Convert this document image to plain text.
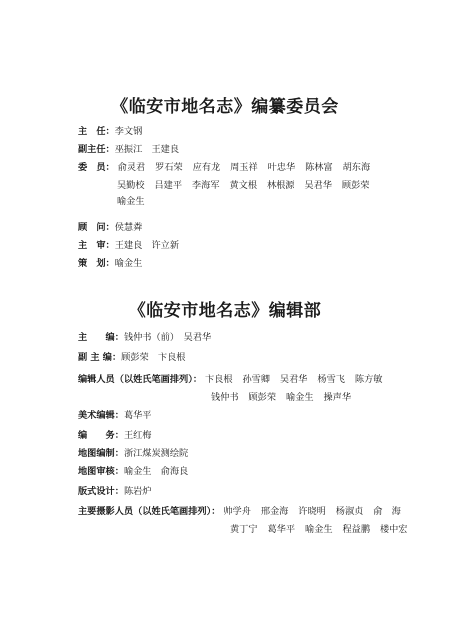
《临安市地名志》编纂委员会
主　任：李文钢
副主任：巫振江　王建良
委　员： 俞灵君 罗石荣 应有龙 周玉祥 叶忠华 陈林富 胡东海
吴勤校 吕建平 李海军 黄文根 林根源 吴君华 顾彭荣
喻金生
顾　问：侯慧粦
主　审：王建良　许立新
策　划：喻金生
《临安市地名志》编辑部
主　　编：钱仲书（前）　吴君华
副 主 编：顾彭荣　卞良根
编辑人员（以姓氏笔画排列）： 卞良根 孙雪卿 吴君华 杨雪飞 陈方敏
钱仲书 顾彭荣 喻金生 操声华
美术编辑：葛华平
编　　务：王红梅
地图编制：浙江煤炭测绘院
地图审核：喻金生　俞海良
版式设计：陈岩炉
主要摄影人员（以姓氏笔画排列）： 帅学舟 邢金海 许晓明 杨淑贞 俞　海
黄丁宁 葛华平 喻金生 程益鹏 楼中宏
